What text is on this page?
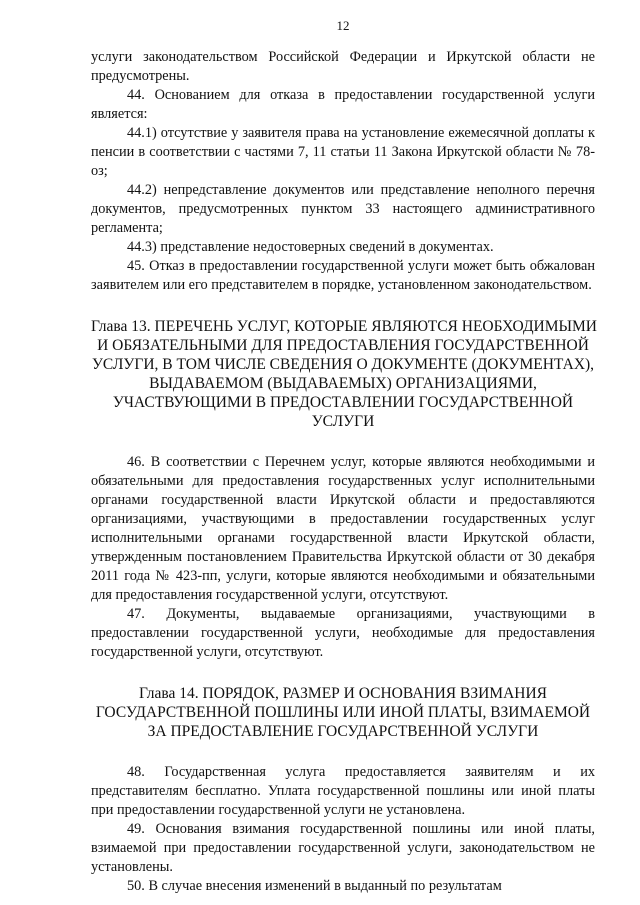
12

услуги законодательством Российской Федерации и Иркутской области не предусмотрены.

44. Основанием для отказа в предоставлении государственной услуги является:

44.1) отсутствие у заявителя права на установление ежемесячной доплаты к пенсии в соответствии с частями 7, 11 статьи 11 Закона Иркутской области № 78-оз;

44.2) непредставление документов или представление неполного перечня документов, предусмотренных пунктом 33 настоящего административного регламента;

44.3) представление недостоверных сведений в документах.

45. Отказ в предоставлении государственной услуги может быть обжалован заявителем или его представителем в порядке, установленном законодательством.

Глава 13. ПЕРЕЧЕНЬ УСЛУГ, КОТОРЫЕ ЯВЛЯЮТСЯ НЕОБХОДИМЫМИ
И ОБЯЗАТЕЛЬНЫМИ ДЛЯ ПРЕДОСТАВЛЕНИЯ ГОСУДАРСТВЕННОЙ
УСЛУГИ, В ТОМ ЧИСЛЕ СВЕДЕНИЯ О ДОКУМЕНТЕ (ДОКУМЕНТАХ),
ВЫДАВАЕМОМ (ВЫДАВАЕМЫХ) ОРГАНИЗАЦИЯМИ,
УЧАСТВУЮЩИМИ В ПРЕДОСТАВЛЕНИИ ГОСУДАРСТВЕННОЙ
УСЛУГИ

46. В соответствии с Перечнем услуг, которые являются необходимыми и обязательными для предоставления государственных услуг исполнительными органами государственной власти Иркутской области и предоставляются организациями, участвующими в предоставлении государственных услуг исполнительными органами государственной власти Иркутской области, утвержденным постановлением Правительства Иркутской области от 30 декабря 2011 года № 423-пп, услуги, которые являются необходимыми и обязательными для предоставления государственной услуги, отсутствуют.

47. Документы, выдаваемые организациями, участвующими в предоставлении государственной услуги, необходимые для предоставления государственной услуги, отсутствуют.

Глава 14. ПОРЯДОК, РАЗМЕР И ОСНОВАНИЯ ВЗИМАНИЯ
ГОСУДАРСТВЕННОЙ ПОШЛИНЫ ИЛИ ИНОЙ ПЛАТЫ, ВЗИМАЕМОЙ
ЗА ПРЕДОСТАВЛЕНИЕ ГОСУДАРСТВЕННОЙ УСЛУГИ

48. Государственная услуга предоставляется заявителям и их представителям бесплатно. Уплата государственной пошлины или иной платы при предоставлении государственной услуги не установлена.

49. Основания взимания государственной пошлины или иной платы, взимаемой при предоставлении государственной услуги, законодательством не установлены.

50. В случае внесения изменений в выданный по результатам
